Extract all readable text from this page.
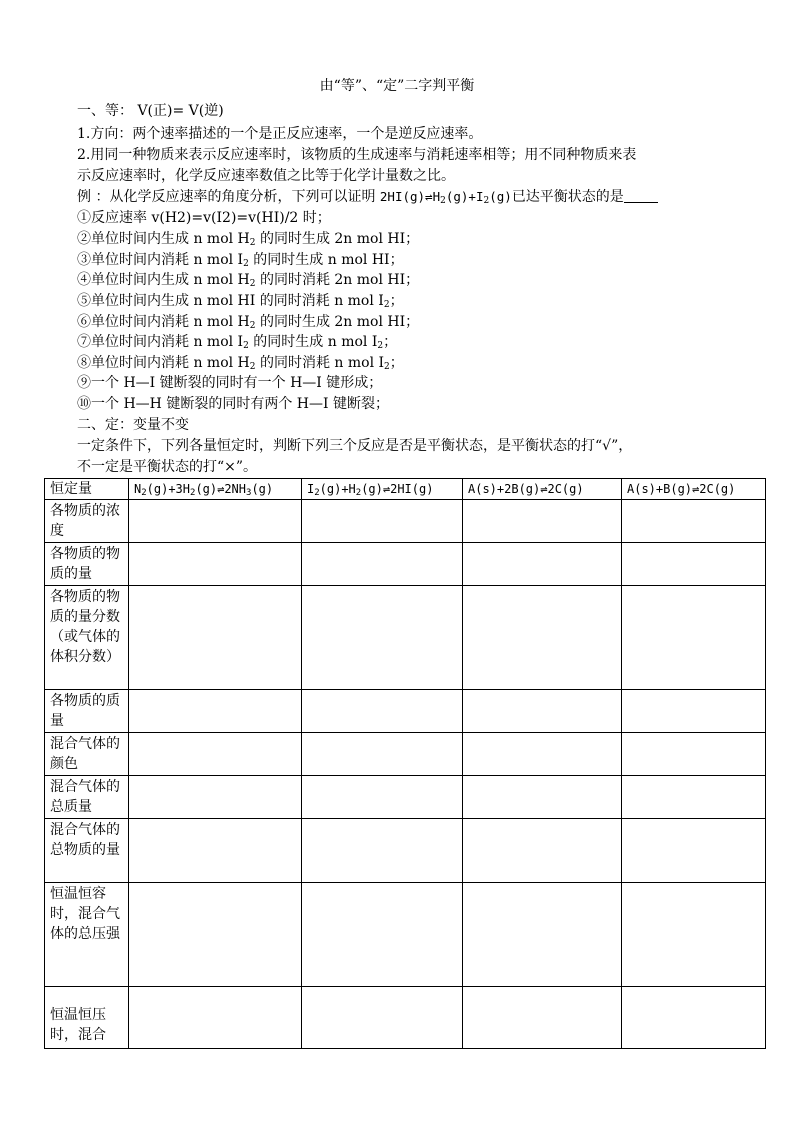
由“等”、“定”二字判平衡
一、等： V(正)= V(逆)
1.方向：两个速率描述的一个是正反应速率，一个是逆反应速率。
2.用同一种物质来表示反应速率时，该物质的生成速率与消耗速率相等；用不同种物质来表
示反应速率时，化学反应速率数值之比等于化学计量数之比。
例 ：从化学反应速率的角度分析，下列可以证明 $2HI(g)\rightleftharpoons H_2(g)+I_2(g)$已达平衡状态的是
①反应速率 v(H2)=v(I2)=v(HI)/2 时；
②单位时间内生成 n mol $H_2$ 的同时生成 2n mol HI；
③单位时间内消耗 n mol $I_2$ 的同时生成 n mol HI；
④单位时间内生成 n mol $H_2$ 的同时消耗 2n mol HI；
⑤单位时间内生成 n mol HI 的同时消耗 n mol $I_2$；
⑥单位时间内消耗 n mol $H_2$ 的同时生成 2n mol HI；
⑦单位时间内消耗 n mol $I_2$ 的同时生成 n mol $I_2$；
⑧单位时间内消耗 n mol $H_2$ 的同时消耗 n mol $I_2$；
⑨一个 H—I 键断裂的同时有一个 H—I 键形成；
⑩一个 H—H 键断裂的同时有两个 H—I 键断裂；
二、定：变量不变
一定条件下，下列各量恒定时，判断下列三个反应是否是平衡状态，是平衡状态的打“√”，
不一定是平衡状态的打“×”。
恒定量	$N_2(g)+3H_2(g)\rightleftharpoons 2NH_3(g)$	$I_2(g)+H_2(g)\rightleftharpoons 2HI(g)$	A(s)+2B(g)⇌2C(g)	A(s)+B(g)⇌2C(g)
各物质的浓度				
各物质的物质的量				
各物质的物质的量分数（或气体的体积分数）				
各物质的质量				
混合气体的颜色				
混合气体的总质量				
混合气体的总物质的量				
恒温恒容时，混合气体的总压强				
恒温恒压时，混合				
